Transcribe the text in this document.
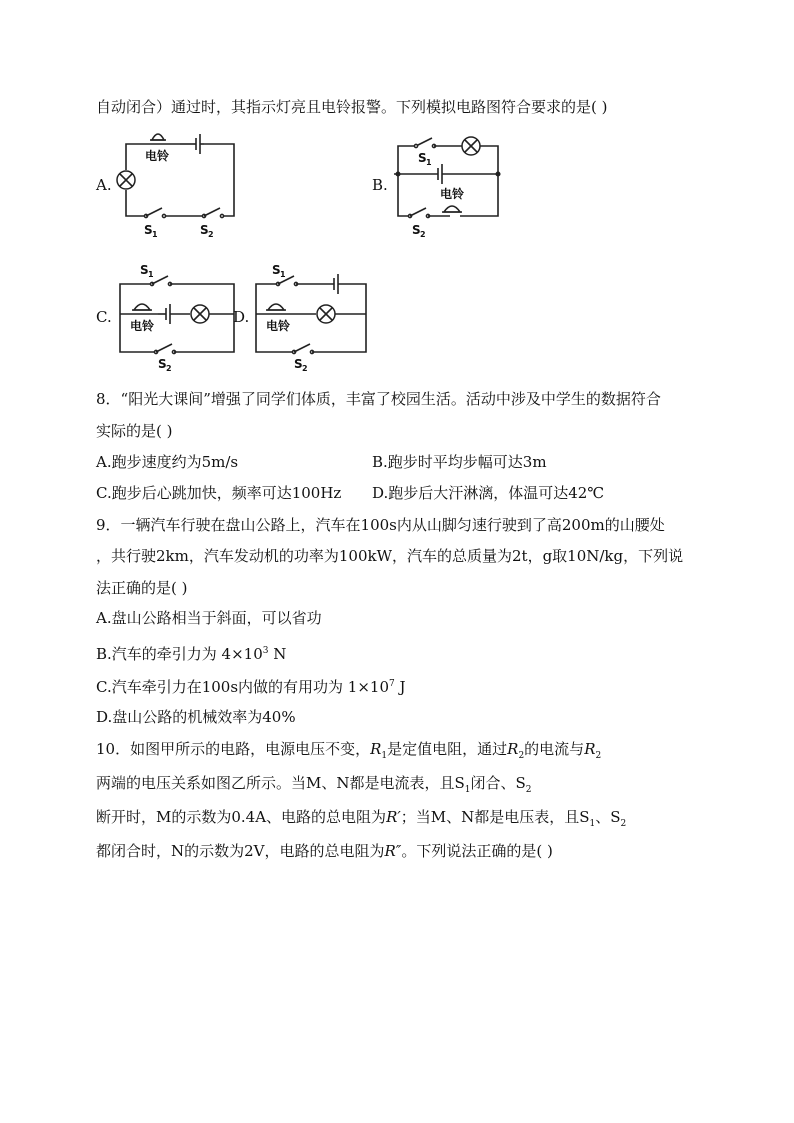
自动闭合）通过时，其指示灯亮且电铃报警。下列模拟电路图符合要求的是( )
A.
电铃
S 1	S 2
B.
S 1
电铃
S 2
C.
S 1
电铃
S 2
D.
S 1
电铃
S 2
8．“阳光大课间”增强了同学们体质，丰富了校园生活。活动中涉及中学生的数据符合
实际的是( )
A.跑步速度约为5m/s	B.跑步时平均步幅可达3m
C.跑步后心跳加快，频率可达100Hz D.跑步后大汗淋漓，体温可达42℃
9．一辆汽车行驶在盘山公路上，汽车在100s内从山脚匀速行驶到了高200m的山腰处
，共行驶2km，汽车发动机的功率为100kW，汽车的总质量为2t，g取10N/kg，下列说
法正确的是( )
A.盘山公路相当于斜面，可以省功
B.汽车的牵引力为 $4\times 10^3$ N
C.汽车牵引力在100s内做的有用功为 $1\times 10^7$ J
D.盘山公路的机械效率为40%
10．如图甲所示的电路，电源电压不变，$R_1$是定值电阻，通过$R_2$的电流与$R_2$
两端的电压关系如图乙所示。当M、N都是电流表，且$S_1$闭合、$S_2$
断开时，M的示数为0.4A、电路的总电阻为R′；当M、N都是电压表，且$S_1$、$S_2$
都闭合时，N的示数为2V，电路的总电阻为R″。下列说法正确的是( )
